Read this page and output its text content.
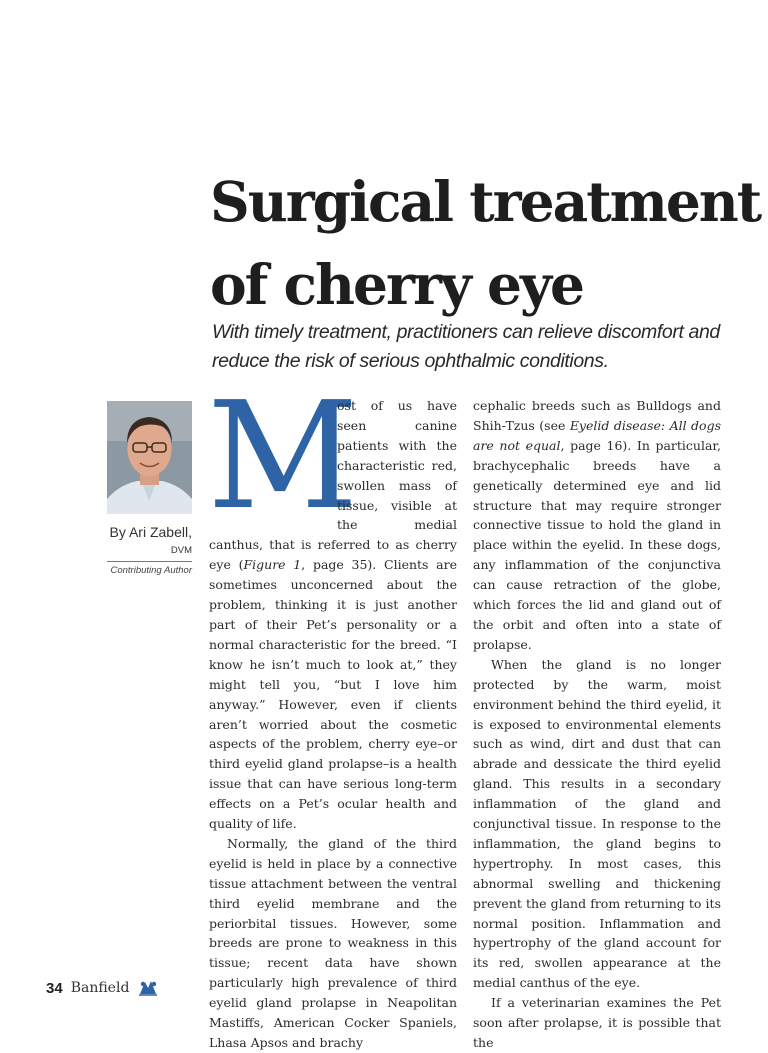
Surgical treatment
of cherry eye

With timely treatment, practitioners can relieve discomfort and reduce the risk of serious ophthalmic conditions.

By Ari Zabell,
DVM
Contributing Author

M
ost of us have seen canine patients with the characteristic red, swollen mass of tissue, visible at the medial canthus, that is referred to as cherry eye (Figure 1, page 35). Clients are sometimes unconcerned about the problem, thinking it is just another part of their Pet’s personality or a normal characteristic for the breed. “I know he isn’t much to look at,” they might tell you, “but I love him anyway.” However, even if clients aren’t worried about the cosmetic aspects of the problem, cherry eye–or third eyelid gland prolapse–is a health issue that can have serious long-term effects on a Pet’s ocular health and quality of life.

Normally, the gland of the third eyelid is held in place by a connective tissue attachment between the ventral third eyelid membrane and the periorbital tissues. However, some breeds are prone to weakness in this tissue; recent data have shown particularly high prevalence of third eyelid gland prolapse in Neapolitan Mastiffs, American Cocker Spaniels, Lhasa Apsos and brachy

cephalic breeds such as Bulldogs and Shih-Tzus (see Eyelid disease: All dogs are not equal, page 16). In particular, brachycephalic breeds have a genetically determined eye and lid structure that may require stronger connective tissue to hold the gland in place within the eyelid. In these dogs, any inflammation of the conjunctiva can cause retraction of the globe, which forces the lid and gland out of the orbit and often into a state of prolapse.

When the gland is no longer protected by the warm, moist environment behind the third eyelid, it is exposed to environmental elements such as wind, dirt and dust that can abrade and dessicate the third eyelid gland. This results in a secondary inflammation of the gland and conjunctival tissue. In response to the inflammation, the gland begins to hypertrophy. In most cases, this abnormal swelling and thickening prevent the gland from returning to its normal position. Inflammation and hypertrophy of the gland account for its red, swollen appearance at the medial canthus of the eye.

If a veterinarian examines the Pet soon after prolapse, it is possible that the

34 Banfield
